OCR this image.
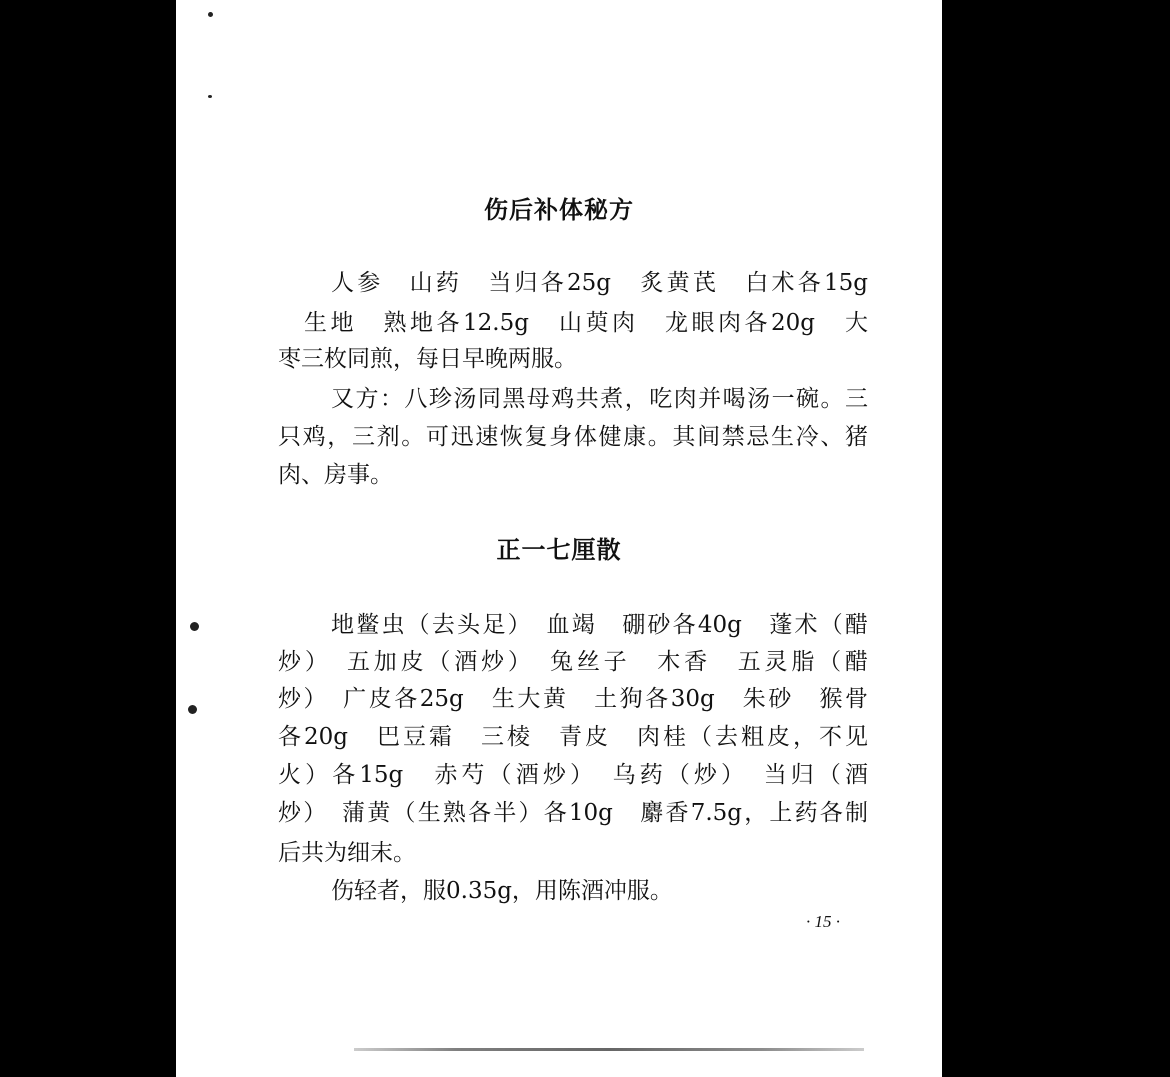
伤后补体秘方
人参　山药　当归各25g　炙黄芪　白术各15g
生地　熟地各12.5g　山萸肉　龙眼肉各20g　大
枣三枚同煎，每日早晚两服。
又方：八珍汤同黑母鸡共煮，吃肉并喝汤一碗。三
只鸡，三剂。可迅速恢复身体健康。其间禁忌生冷、猪
肉、房事。
正一七厘散
地鳖虫（去头足）　血竭　硼砂各40g　蓬术（醋
炒）　五加皮（酒炒）　兔丝子　木香　五灵脂（醋
炒）　广皮各25g　生大黄　土狗各30g　朱砂　猴骨
各20g　巴豆霜　三棱　青皮　肉桂（去粗皮，不见
火）各15g　赤芍（酒炒）　乌药（炒）　当归（酒
炒）　蒲黄（生熟各半）各10g　麝香7.5g，上药各制
后共为细末。
伤轻者，服0.35g，用陈酒冲服。
· 15 ·
